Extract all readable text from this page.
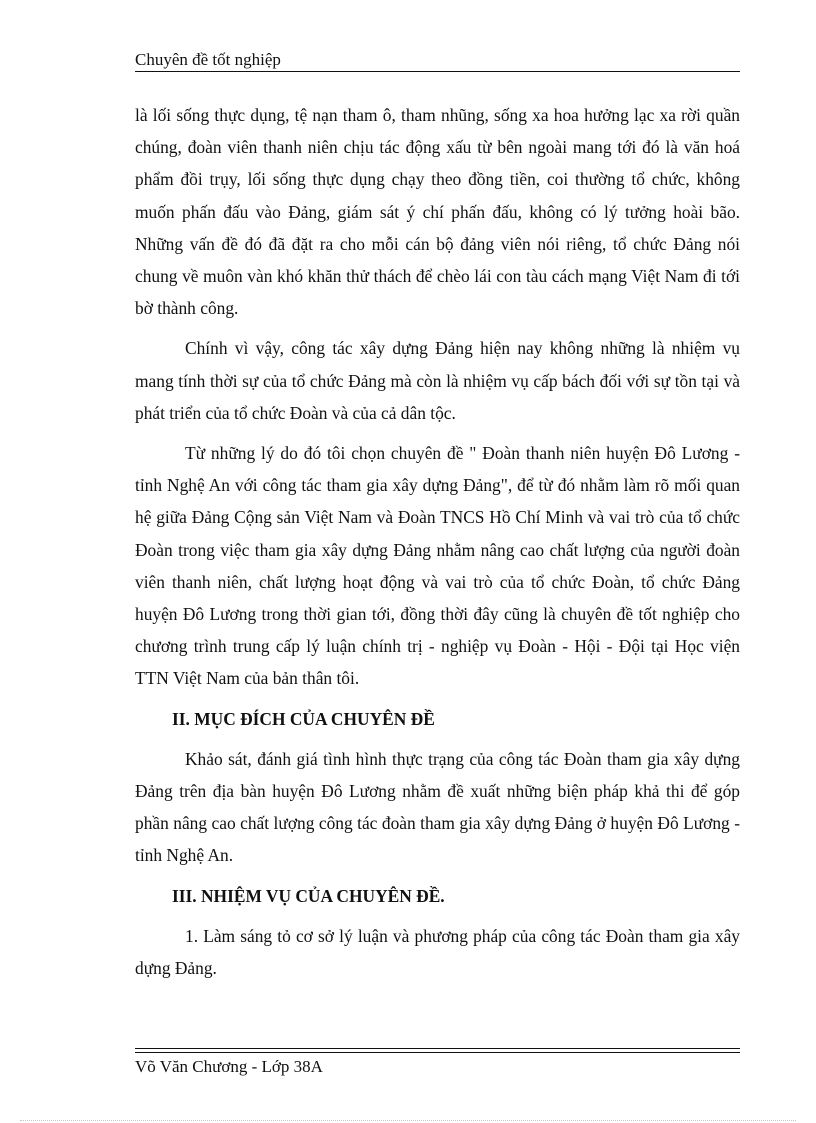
Chuyên đề tốt nghiệp

là lối sống thực dụng, tệ nạn tham ô, tham nhũng, sống xa hoa hưởng lạc xa rời quần chúng, đoàn viên thanh niên chịu tác động xấu từ bên ngoài mang tới đó là văn hoá phẩm đồi trụy, lối sống thực dụng chạy theo đồng tiền, coi thường tổ chức, không muốn phấn đấu vào Đảng, giám sát ý chí phấn đấu, không có lý tưởng hoài bão. Những vấn đề đó đã đặt ra cho mỗi cán bộ đảng viên nói riêng, tổ chức Đảng nói chung về muôn vàn khó khăn thử thách để chèo lái con tàu cách mạng Việt Nam đi tới bờ thành công.

Chính vì vậy, công tác xây dựng Đảng hiện nay không những là nhiệm vụ mang tính thời sự của tổ chức Đảng mà còn là nhiệm vụ cấp bách đối với sự tồn tại và phát triển của tổ chức Đoàn và của cả dân tộc.

Từ những lý do đó tôi chọn chuyên đề " Đoàn thanh niên huyện Đô Lương - tỉnh Nghệ An với công tác tham gia xây dựng Đảng", để từ đó nhằm làm rõ mối quan hệ giữa Đảng Cộng sản Việt Nam và Đoàn TNCS Hồ Chí Minh và vai trò của tổ chức Đoàn trong việc tham gia xây dựng Đảng nhằm nâng cao chất lượng của người đoàn viên thanh niên, chất lượng hoạt động và vai trò của tổ chức Đoàn, tổ chức Đảng huyện Đô Lương trong thời gian tới, đồng thời đây cũng là chuyên đề tốt nghiệp cho chương trình trung cấp lý luận chính trị - nghiệp vụ Đoàn - Hội - Đội tại Học viện TTN Việt Nam của bản thân tôi.

II. MỤC ĐÍCH CỦA CHUYÊN ĐỀ

Khảo sát, đánh giá tình hình thực trạng của công tác Đoàn tham gia xây dựng Đảng trên địa bàn huyện Đô Lương nhằm đề xuất những biện pháp khả thi để góp phần nâng cao chất lượng công tác đoàn tham gia xây dựng Đảng ở huyện Đô Lương - tỉnh Nghệ An.

III. NHIỆM VỤ CỦA CHUYÊN ĐỀ.

1. Làm sáng tỏ cơ sở lý luận và phương pháp của công tác Đoàn tham gia xây dựng Đảng.

Võ Văn Chương - Lớp 38A
